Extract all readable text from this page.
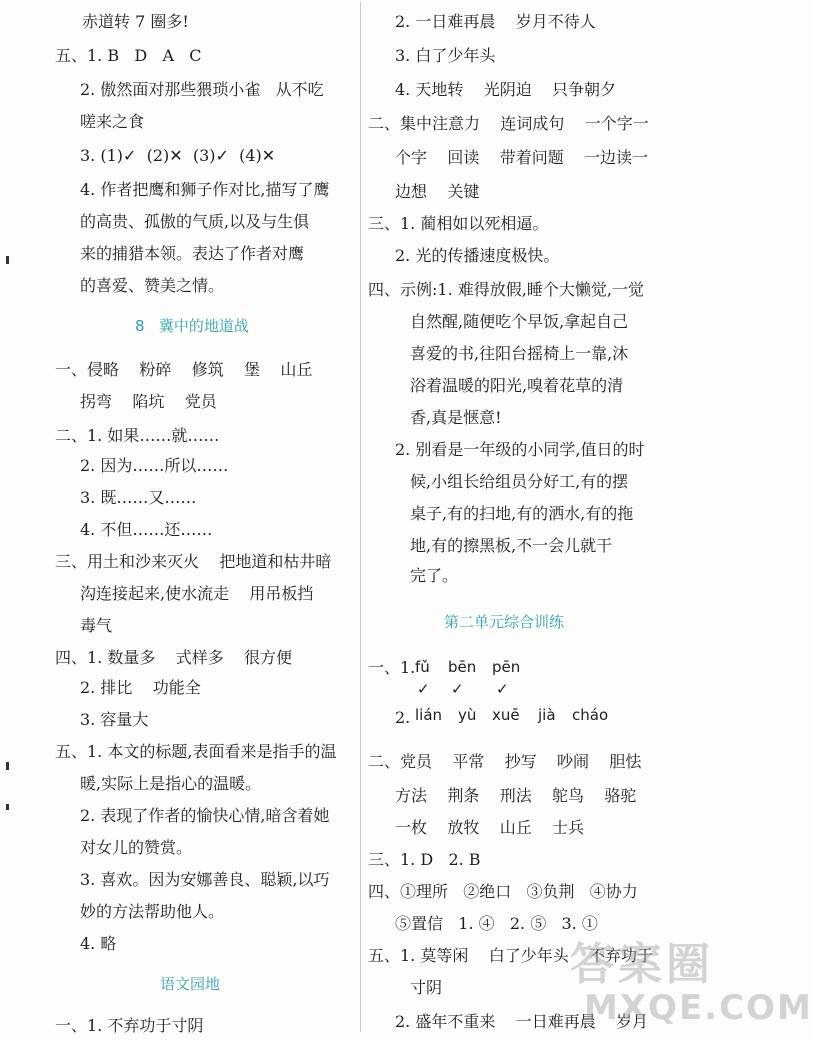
赤道转 7 圈多!
五、1. B   D   A   C
2. 傲然面对那些猥琐小雀   从不吃
嗟来之食
3. (1)✓  (2)✕  (3)✓  (4)✕
4. 作者把鹰和狮子作对比,描写了鹰
的高贵、孤傲的气质,以及与生俱
来的捕猎本领。表达了作者对鹰
的喜爱、赞美之情。
8   冀中的地道战
一、侵略    粉碎    修筑    堡    山丘
拐弯    陷坑    党员
二、1. 如果……就……
2. 因为……所以……
3. 既……又……
4. 不但……还……
三、用土和沙来灭火    把地道和枯井暗
沟连接起来,使水流走    用吊板挡
毒气
四、1. 数量多    式样多    很方便
2. 排比    功能全
3. 容量大
五、1. 本文的标题,表面看来是指手的温
暖,实际上是指心的温暖。
2. 表现了作者的愉快心情,暗含着她
对女儿的赞赏。
3. 喜欢。因为安娜善良、聪颖,以巧
妙的方法帮助他人。
4. 略
语文园地
一、1. 不弃功于寸阴
2. 一日难再晨    岁月不待人
3. 白了少年头
4. 天地转    光阴迫    只争朝夕
二、集中注意力    连词成句    一个字一
个字    回读    带着问题    一边读一
边想    关键
三、1. 蔺相如以死相逼。
2. 光的传播速度极快。
四、示例:1. 难得放假,睡个大懒觉,一觉
自然醒,随便吃个早饭,拿起自己
喜爱的书,往阳台摇椅上一靠,沐
浴着温暖的阳光,嗅着花草的清
香,真是惬意!
2. 别看是一年级的小同学,值日的时
候,小组长给组员分好工,有的摆
桌子,有的扫地,有的洒水,有的拖
地,有的擦黑板,不一会儿就干
完了。
第二单元综合训练
一、1.
2.
二、党员    平常    抄写    吵闹    胆怯
方法    荆条    刑法    鸵鸟    骆驼
一枚    放牧    山丘    士兵
三、1. D   2. B
四、①理所   ②绝口   ③负荆   ④协力
⑤置信   1. ④   2. ⑤   3. ①
五、1. 莫等闲    白了少年头    不弃功于
寸阴
2. 盛年不重来    一日难再晨    岁月

fǔ

bēn

pēn

✓

✓

✓

lián

yù

xuē

jià

cháo

答案圈
MXQE.COM
